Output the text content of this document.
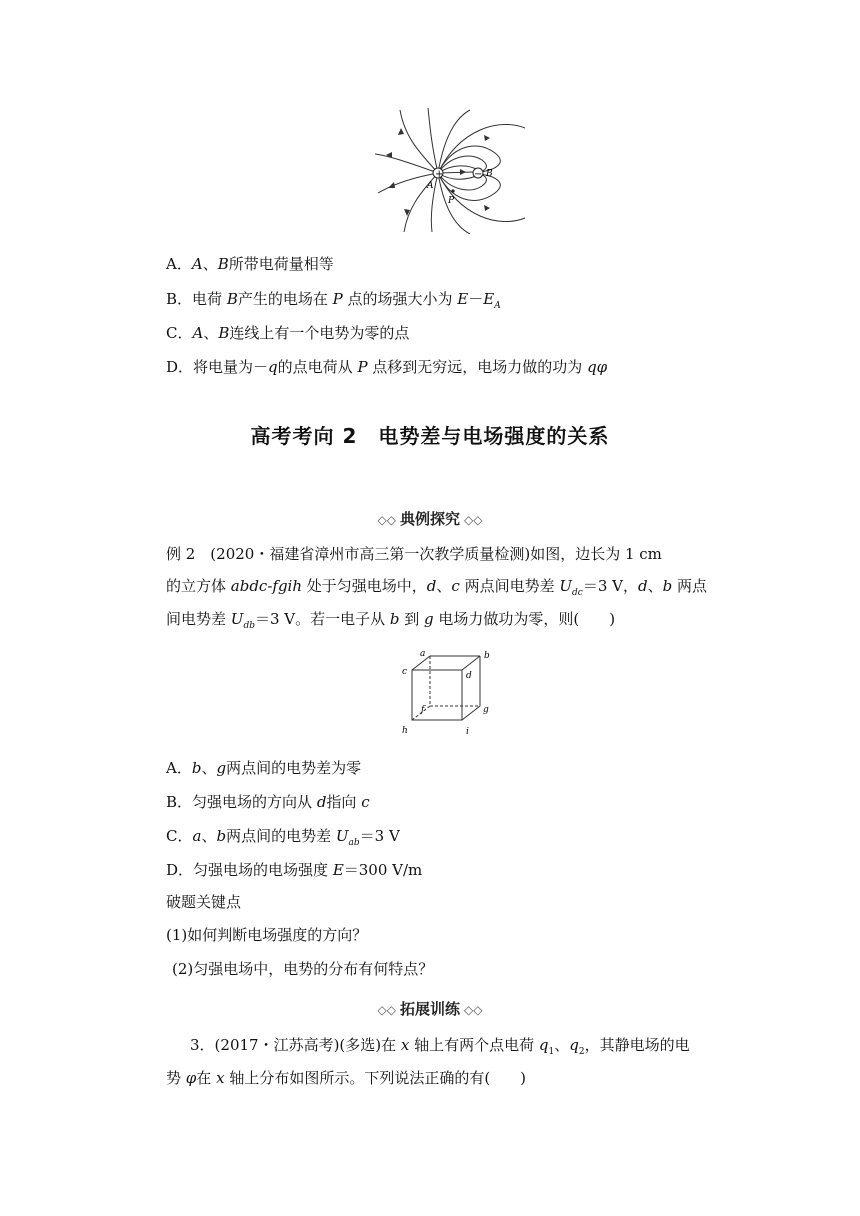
+	−
A
B
P
A．A、B所带电荷量相等
B．电荷 B产生的电场在 P 点的场强大小为 $E-E_A$
C．A、B连线上有一个电势为零的点
D．将电量为－q的点电荷从 P 点移到无穷远，电场力做的功为 qφ
高考考向 2　电势差与电场强度的关系
◇◇ 典例探究 ◇◇
例 2　(2020・福建省漳州市高三第一次教学质量检测)如图，边长为 1 cm
的立方体 abdc-fgih 处于匀强电场中，d、c 两点间电势差 $U_{dc}=3$ V，d、b 两点
间电势差 $U_{db}=3$ V。若一电子从 b 到 g 电场力做功为零，则(　　)
a	b
c	d
f	g
h	i
A．b、g两点间的电势差为零
B．匀强电场的方向从 d指向 c
C．a、b两点间的电势差 $U_{ab}=3$ V
D．匀强电场的电场强度 E＝300 V/m
破题关键点
(1)如何判断电场强度的方向？
(2)匀强电场中，电势的分布有何特点？
◇◇ 拓展训练 ◇◇
3．(2017・江苏高考)(多选)在 x 轴上有两个点电荷 $q_1$、$q_2$，其静电场的电
势 φ在 x 轴上分布如图所示。下列说法正确的有(　　)
